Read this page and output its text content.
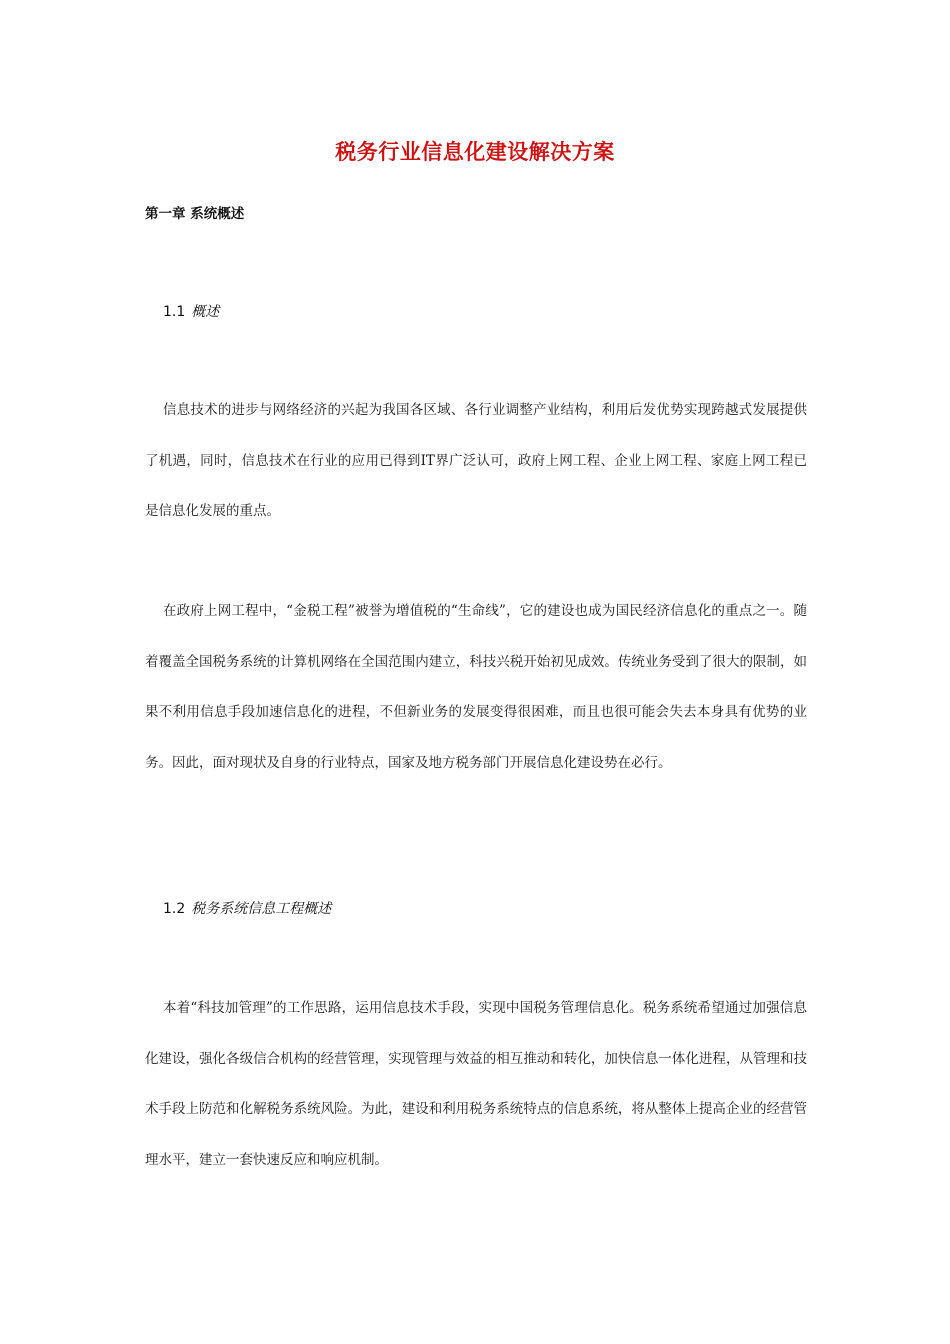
税务行业信息化建设解决方案
第一章 系统概述
1.1 概述
信息技术的进步与网络经济的兴起为我国各区域、各行业调整产业结构，利用后发优势实现跨越式发展提供了机遇，同时，信息技术在行业的应用已得到IT界广泛认可，政府上网工程、企业上网工程、家庭上网工程已是信息化发展的重点。
在政府上网工程中，“金税工程”被誉为增值税的“生命线”，它的建设也成为国民经济信息化的重点之一。随着覆盖全国税务系统的计算机网络在全国范围内建立，科技兴税开始初见成效。传统业务受到了很大的限制，如果不利用信息手段加速信息化的进程，不但新业务的发展变得很困难，而且也很可能会失去本身具有优势的业务。因此，面对现状及自身的行业特点，国家及地方税务部门开展信息化建设势在必行。
1.2 税务系统信息工程概述
本着“科技加管理”的工作思路，运用信息技术手段，实现中国税务管理信息化。税务系统希望通过加强信息化建设，强化各级信合机构的经营管理，实现管理与效益的相互推动和转化，加快信息一体化进程，从管理和技术手段上防范和化解税务系统风险。为此，建设和利用税务系统特点的信息系统，将从整体上提高企业的经营管理水平，建立一套快速反应和响应机制。
